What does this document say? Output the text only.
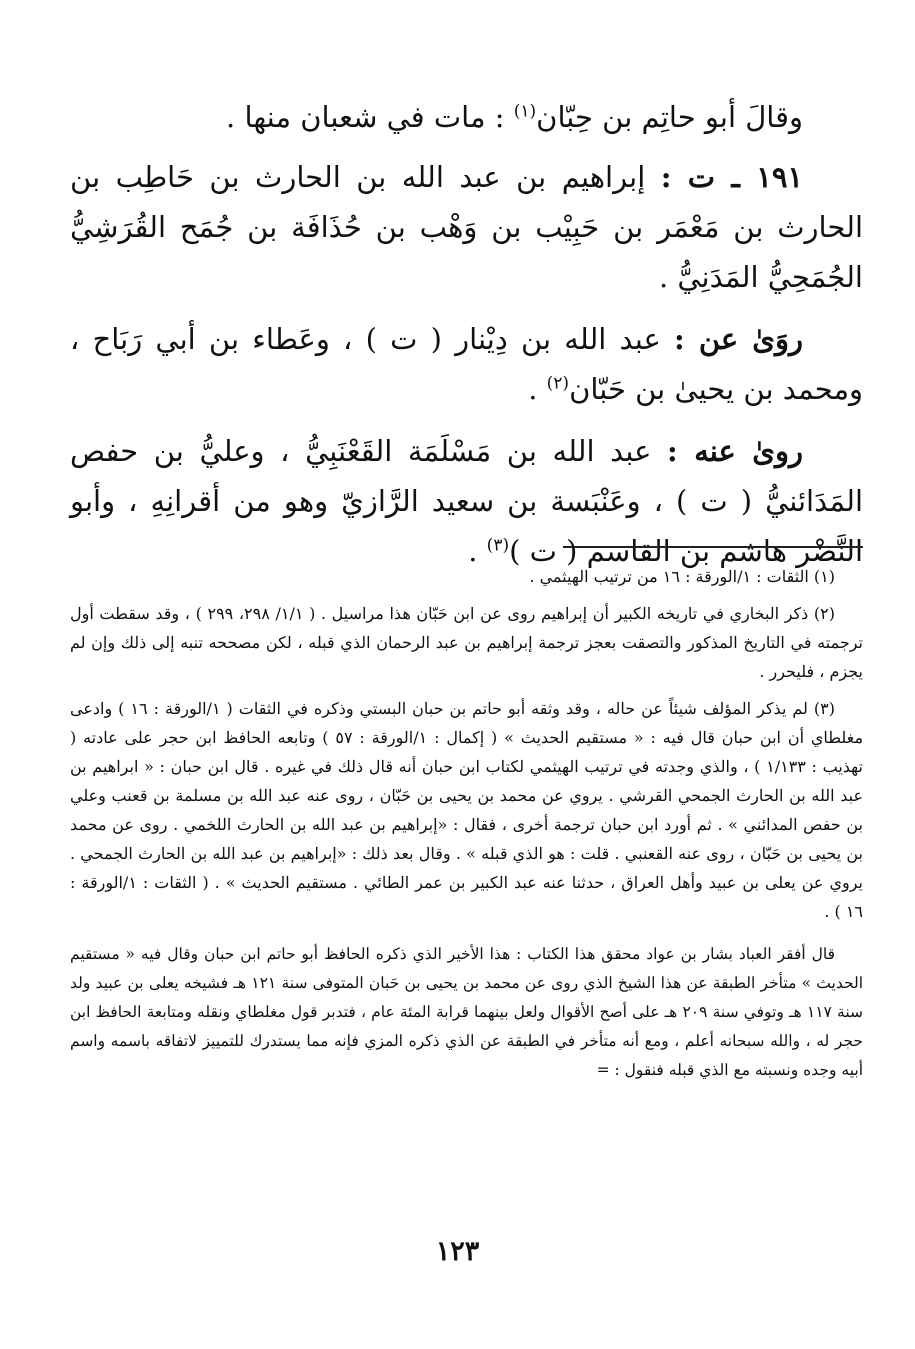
وقالَ أبو حاتِم بن حِبّان$^{(١)}$ : مات في شعبان منها .

١٩١ ـ ت : إبراهيم بن عبد الله بن الحارث بن حَاطِب بن الحارث بن مَعْمَر بن حَبِيْب بن وَهْب بن حُذَافَة بن جُمَح القُرَشِيُّ الجُمَحِيُّ المَدَنِيُّ .

روَىٰ عن : عبد الله بن دِيْنار ( ت ) ، وعَطاء بن أبي رَبَاح ، ومحمد بن يحيىٰ بن حَبّان$^{(٢)}$ .

روىٰ عنه : عبد الله بن مَسْلَمَة القَعْنَبِيُّ ، وعليُّ بن حفص المَدَائنيُّ ( ت ) ، وعَنْبَسة بن سعيد الرَّازيّ وهو من أقرانِهِ ، وأبو النَّضْر هاشم بن القاسم ( ت )$^{(٣)}$ .

(١) الثقات : ١/الورقة : ١٦ من ترتيب الهيثمي .

(٢) ذكر البخاري في تاريخه الكبير أن إبراهيم روى عن ابن حَبّان هذا مراسيل . ( ١/١/ ٢٩٨، ٢٩٩ ) ، وقد سقطت أول ترجمته في التاريخ المذكور والتصقت بعجز ترجمة إبراهيم بن عبد الرحمان الذي قبله ، لكن مصححه تنبه إلى ذلك وإن لم يجزم ، فليحرر .

(٣) لم يذكر المؤلف شيئاً عن حاله ، وقد وثقه أبو حاتم بن حبان البستي وذكره في الثقات ( ١/الورقة : ١٦ ) وادعى مغلطاي أن ابن حبان قال فيه : « مستقيم الحديث » ( إكمال : ١/الورقة : ٥٧ ) وتابعه الحافظ ابن حجر على عادته ( تهذيب : ١/١٣٣ ) ، والذي وجدته في ترتيب الهيثمي لكتاب ابن حبان أنه قال ذلك في غيره . قال ابن حبان : « ابراهيم بن عبد الله بن الحارث الجمحي القرشي . يروي عن محمد بن يحيى بن حَبّان ، روى عنه عبد الله بن مسلمة بن قعنب وعلي بن حفص المدائني » . ثم أورد ابن حبان ترجمة أخرى ، فقال : «إبراهيم بن عبد الله بن الحارث اللخمي . روى عن محمد بن يحيى بن حَبّان ، روى عنه القعنبي . قلت : هو الذي قبله » . وقال بعد ذلك : «إبراهيم بن عبد الله بن الحارث الجمحي . يروي عن يعلى بن عبيد وأهل العراق ، حدثنا عنه عبد الكبير بن عمر الطائي . مستقيم الحديث » . ( الثقات : ١/الورقة : ١٦ ) .

قال أفقر العباد بشار بن عواد محقق هذا الكتاب : هذا الأخير الذي ذكره الحافظ أبو حاتم ابن حبان وقال فيه « مستقيم الحديث » متأخر الطبقة عن هذا الشيخ الذي روى عن محمد بن يحيى بن حَبان المتوفى سنة ١٢١ هـ فشيخه يعلى بن عبيد ولد سنة ١١٧ هـ وتوفي سنة ٢٠٩ هـ على أصح الأقوال ولعل بينهما قرابة المئة عام ، فتدبر قول مغلطاي ونقله ومتابعة الحافظ ابن حجر له ، والله سبحانه أعلم ، ومع أنه متأخر في الطبقة عن الذي ذكره المزي فإنه مما يستدرك للتمييز لاتفاقه باسمه واسم أبيه وجده ونسبته مع الذي قبله فنقول : =

١٢٣
